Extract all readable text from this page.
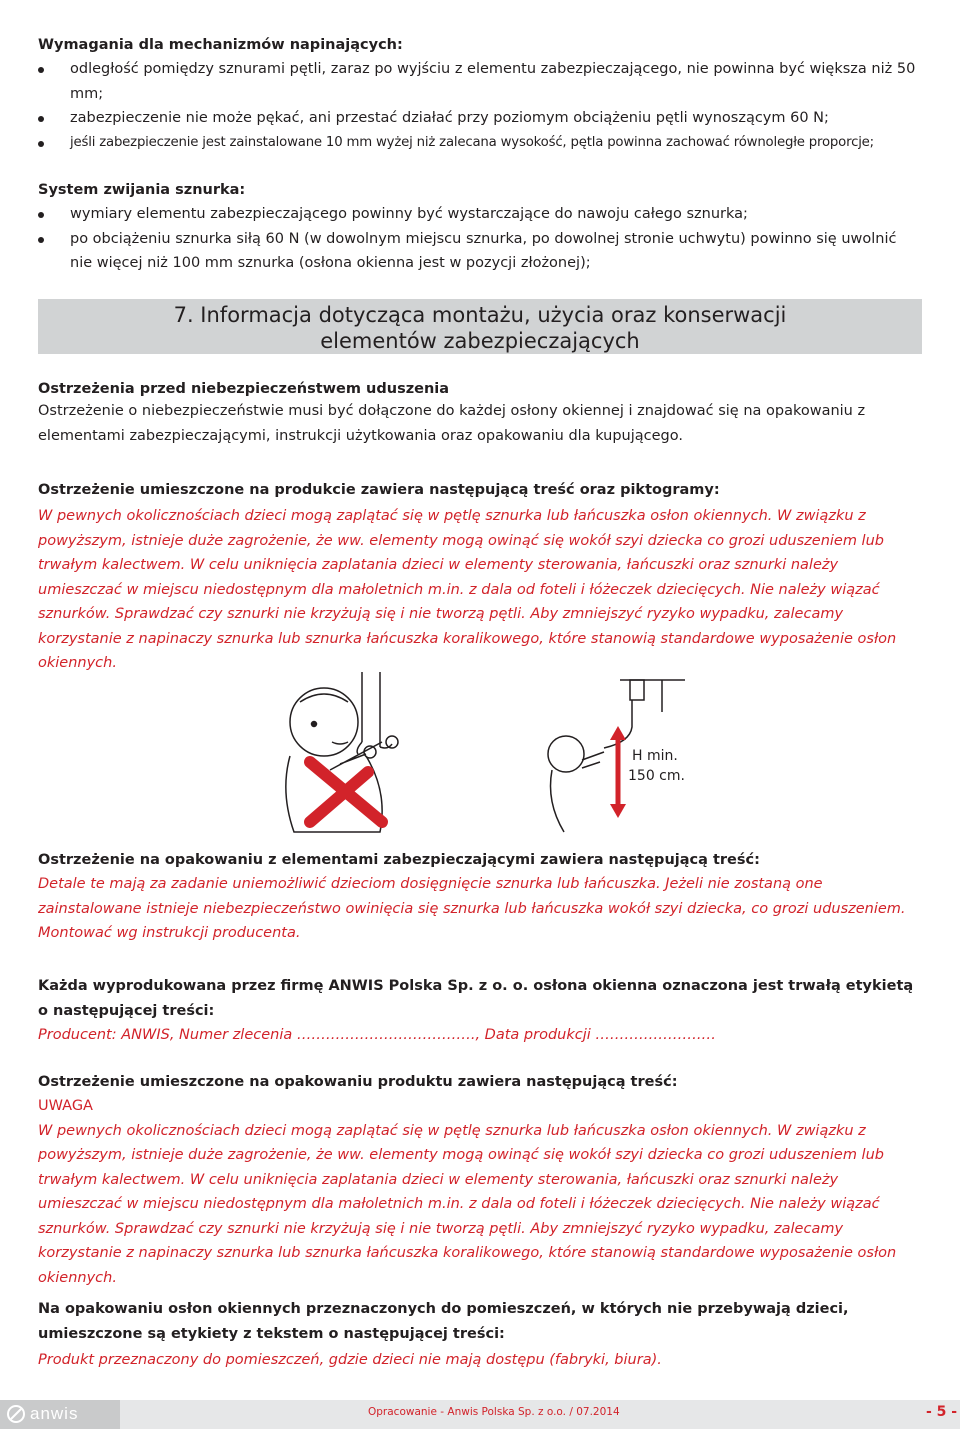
Wymagania dla mechanizmów napinających:
odległość pomiędzy sznurami pętli, zaraz po wyjściu z elementu zabezpieczającego, nie powinna być większa niż 50 mm;
zabezpieczenie nie może pękać, ani przestać działać przy poziomym obciążeniu pętli wynoszącym 60 N;
jeśli zabezpieczenie jest zainstalowane 10 mm wyżej niż zalecana wysokość, pętla powinna zachować równoległe proporcje;
System zwijania sznurka:
wymiary elementu zabezpieczającego powinny być wystarczające do nawoju całego sznurka;
po obciążeniu sznurka siłą 60 N (w dowolnym miejscu sznurka, po dowolnej stronie uchwytu) powinno się uwolnić nie więcej niż 100 mm sznurka (osłona okienna jest w pozycji złożonej);
7. Informacja dotycząca montażu, użycia oraz konserwacji
elementów zabezpieczających
Ostrzeżenia przed niebezpieczeństwem uduszenia
Ostrzeżenie o niebezpieczeństwie musi być dołączone do każdej osłony okiennej i znajdować się na opakowaniu z elementami zabezpieczającymi, instrukcji użytkowania oraz opakowaniu dla kupującego.
Ostrzeżenie umieszczone na produkcie zawiera następującą treść oraz piktogramy:
W pewnych okolicznościach dzieci mogą zaplątać się w pętlę sznurka lub łańcuszka osłon okiennych. W związku z powyższym, istnieje duże zagrożenie, że ww. elementy mogą owinąć się wokół szyi dziecka co grozi uduszeniem lub trwałym kalectwem. W celu uniknięcia zaplatania dzieci w elementy sterowania, łańcuszki oraz sznurki należy umieszczać w miejscu niedostępnym dla małoletnich m.in. z dala od foteli i łóżeczek dziecięcych. Nie należy wiązać sznurków. Sprawdzać czy sznurki nie krzyżują się i nie tworzą pętli. Aby zmniejszyć ryzyko wypadku, zalecamy korzystanie z napinaczy sznurka lub sznurka łańcuszka koralikowego, które stanowią standardowe wyposażenie osłon okiennych.
H min.
150 cm.
Ostrzeżenie na opakowaniu z elementami zabezpieczającymi zawiera następującą treść:
Detale te mają za zadanie uniemożliwić dzieciom dosięgnięcie sznurka lub łańcuszka. Jeżeli nie zostaną one zainstalowane istnieje niebezpieczeństwo owinięcia się sznurka lub łańcuszka wokół szyi dziecka, co grozi uduszeniem. Montować wg instrukcji producenta.
Każda wyprodukowana przez firmę ANWIS Polska Sp. z o. o. osłona okienna oznaczona jest trwałą etykietą o następującej treści:
Producent: ANWIS, Numer zlecenia ………………………………., Data produkcji ………………….…
Ostrzeżenie umieszczone na opakowaniu produktu zawiera następującą treść:
UWAGA
W pewnych okolicznościach dzieci mogą zaplątać się w pętlę sznurka lub łańcuszka osłon okiennych. W związku z powyższym, istnieje duże zagrożenie, że ww. elementy mogą owinąć się wokół szyi dziecka co grozi uduszeniem lub trwałym kalectwem. W celu uniknięcia zaplatania dzieci w elementy sterowania, łańcuszki oraz sznurki należy umieszczać w miejscu niedostępnym dla małoletnich m.in. z dala od foteli i łóżeczek dziecięcych. Nie należy wiązać sznurków. Sprawdzać czy sznurki nie krzyżują się i nie tworzą pętli. Aby zmniejszyć ryzyko wypadku, zalecamy korzystanie z napinaczy sznurka lub sznurka łańcuszka koralikowego, które stanowią standardowe wyposażenie osłon okiennych.
Na opakowaniu osłon okiennych przeznaczonych do pomieszczeń, w których nie przebywają dzieci, umieszczone są etykiety z tekstem o następującej treści:
Produkt przeznaczony do pomieszczeń, gdzie dzieci nie mają dostępu (fabryki, biura).
anwis	Opracowanie - Anwis Polska Sp. z o.o. / 07.2014	- 5 -
